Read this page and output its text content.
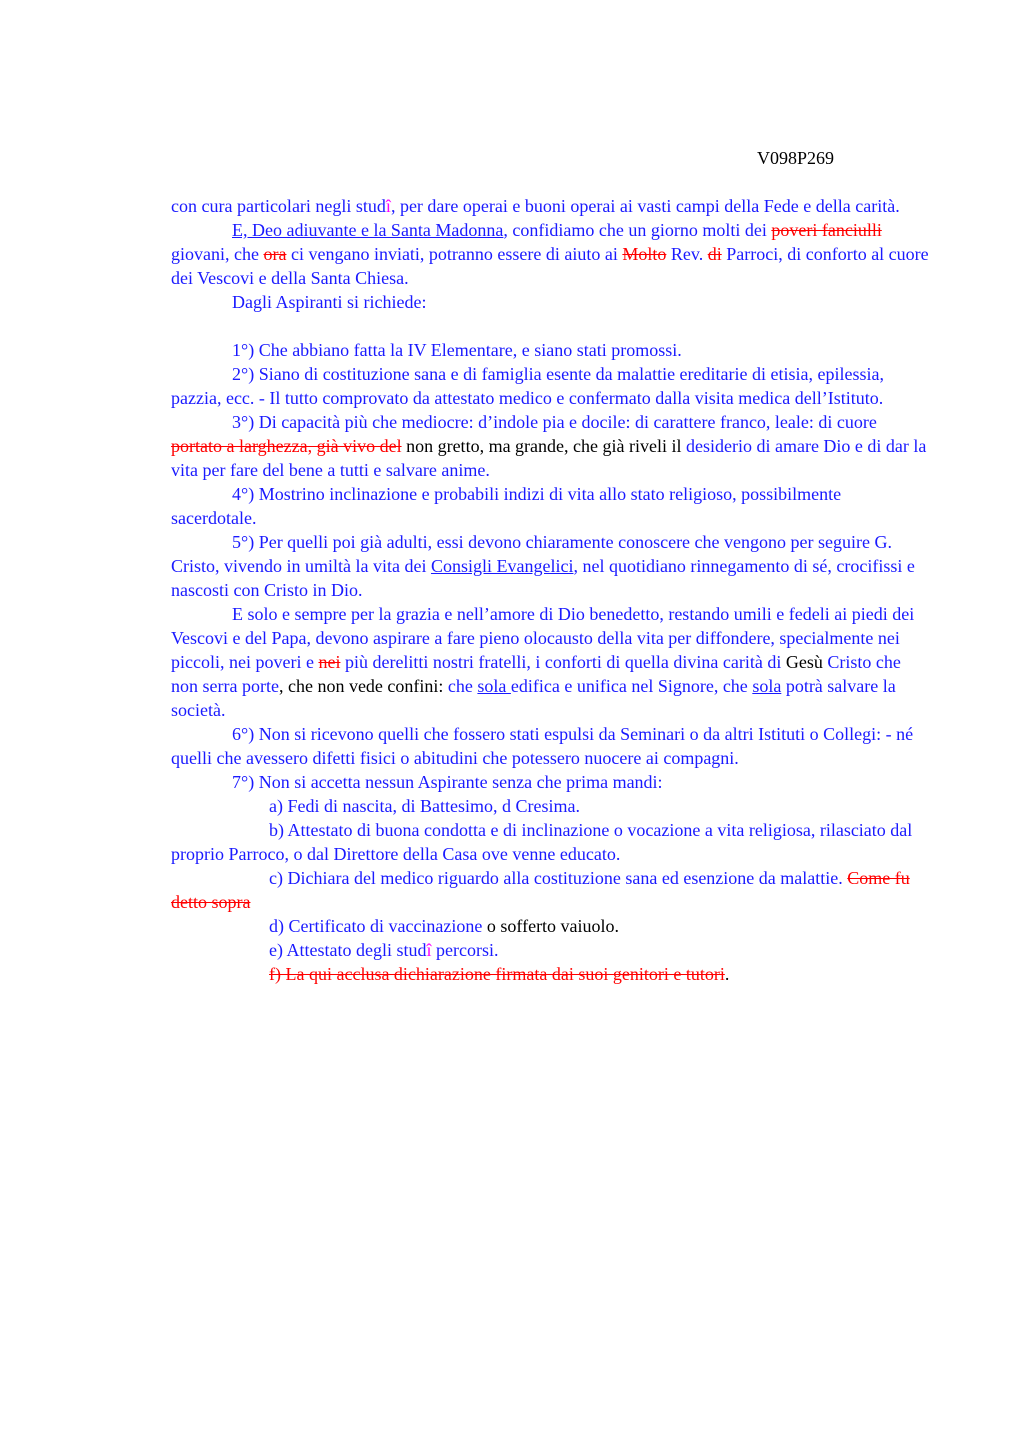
V098P269

con cura particolari negli studî, per dare operai e buoni operai ai vasti campi della Fede e della carità.

E, Deo adiuvante e la Santa Madonna, confidiamo che un giorno molti dei poveri fanciulli giovani, che ora ci vengano inviati, potranno essere di aiuto ai Molto Rev. di Parroci, di conforto al cuore dei Vescovi e della Santa Chiesa.

Dagli Aspiranti si richiede:

1°) Che abbiano fatta la IV Elementare, e siano stati promossi.

2°) Siano di costituzione sana e di famiglia esente da malattie ereditarie di etisia, epilessia, pazzia, ecc. - Il tutto comprovato da attestato medico e confermato dalla visita medica dell’Istituto.

3°) Di capacità più che mediocre: d’indole pia e docile: di carattere franco, leale: di cuore portato a larghezza, già vivo del non gretto, ma grande, che già riveli il desiderio di amare Dio e di dar la vita per fare del bene a tutti e salvare anime.

4°) Mostrino inclinazione e probabili indizi di vita allo stato religioso, possibilmente sacerdotale.

5°) Per quelli poi già adulti, essi devono chiaramente conoscere che vengono per seguire G. Cristo, vivendo in umiltà la vita dei Consigli Evangelici, nel quotidiano rinnegamento di sé, crocifissi e nascosti con Cristo in Dio.

E solo e sempre per la grazia e nell’amore di Dio benedetto, restando umili e fedeli ai piedi dei Vescovi e del Papa, devono aspirare a fare pieno olocausto della vita per diffondere, specialmente nei piccoli, nei poveri e nei più derelitti nostri fratelli, i conforti di quella divina carità di Gesù Cristo che non serra porte, che non vede confini: che sola edifica e unifica nel Signore, che sola potrà salvare la società.

6°) Non si ricevono quelli che fossero stati espulsi da Seminari o da altri Istituti o Collegi: - né quelli che avessero difetti fisici o abitudini che potessero nuocere ai compagni.

7°) Non si accetta nessun Aspirante senza che prima mandi:

a) Fedi di nascita, di Battesimo, d Cresima.

b) Attestato di buona condotta e di inclinazione o vocazione a vita religiosa, rilasciato dal proprio Parroco, o dal Direttore della Casa ove venne educato.

c) Dichiara del medico riguardo alla costituzione sana ed esenzione da malattie. Come fu detto sopra

d) Certificato di vaccinazione o sofferto vaiuolo.

e) Attestato degli studî percorsi.

f) La qui acclusa dichiarazione firmata dai suoi genitori e tutori.
